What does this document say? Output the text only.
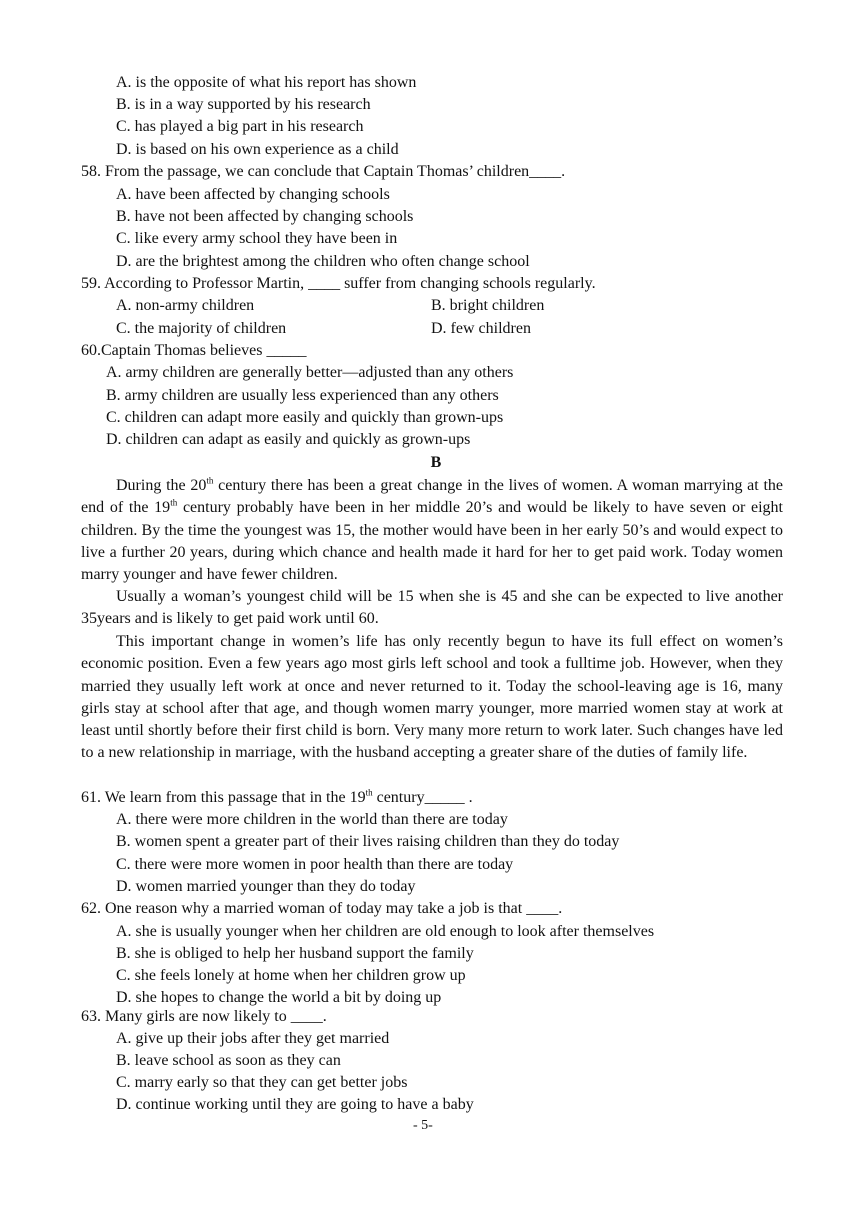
A. is the opposite of what his report has shown
B. is in a way supported by his research
C. has played a big part in his research
D. is based on his own experience as a child
58. From the passage, we can conclude that Captain Thomas’ children____.
A. have been affected by changing schools
B. have not been affected by changing schools
C. like every army school they have been in
D. are the brightest among the children who often change school
59. According to Professor Martin, ____ suffer from changing schools regularly.
A. non-army children	B. bright children
C. the majority of children	D. few children
60.Captain Thomas believes _____
A. army children are generally better—adjusted than any others
B. army children are usually less experienced than any others
C. children can adapt more easily and quickly than grown-ups
D. children can adapt as easily and quickly as grown-ups
B
During the 20th century there has been a great change in the lives of women. A woman marrying at the end of the 19th century probably have been in her middle 20’s and would be likely to have seven or eight children. By the time the youngest was 15, the mother would have been in her early 50’s and would expect to live a further 20 years, during which chance and health made it hard for her to get paid work. Today women marry younger and have fewer children.
Usually a woman’s youngest child will be 15 when she is 45 and she can be expected to live another 35years and is likely to get paid work until 60.
This important change in women’s life has only recently begun to have its full effect on women’s economic position. Even a few years ago most girls left school and took a fulltime job. However, when they married they usually left work at once and never returned to it. Today the school-leaving age is 16, many girls stay at school after that age, and though women marry younger, more married women stay at work at least until shortly before their first child is born. Very many more return to work later. Such changes have led to a new relationship in marriage, with the husband accepting a greater share of the duties of family life.
61. We learn from this passage that in the 19th century_____ .
A. there were more children in the world than there are today
B. women spent a greater part of their lives raising children than they do today
C. there were more women in poor health than there are today
D. women married younger than they do today
62. One reason why a married woman of today may take a job is that ____.
A. she is usually younger when her children are old enough to look after themselves
B. she is obliged to help her husband support the family
C. she feels lonely at home when her children grow up
D. she hopes to change the world a bit by doing up
63. Many girls are now likely to ____.
A. give up their jobs after they get married
B. leave school as soon as they can
C. marry early so that they can get better jobs
D. continue working until they are going to have a baby
- 5-
